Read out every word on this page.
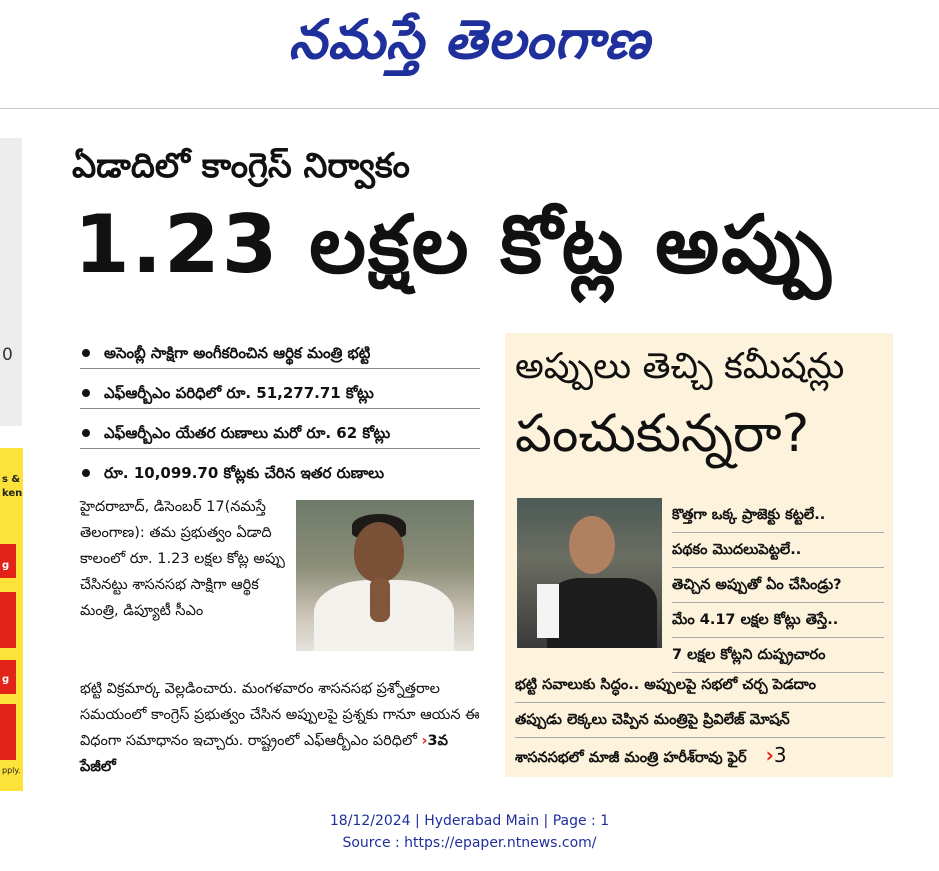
నమస్తే తెలంగాణ
0
s &
ken
g
g
pply.
ఏడాదిలో కాంగ్రెస్ నిర్వాకం
1.23 లక్షల కోట్ల అప్పు
అసెంబ్లీ సాక్షిగా అంగీకరించిన ఆర్థిక మంత్రి భట్టి
ఎఫ్ఆర్బీఎం పరిధిలో రూ. 51,277.71 కోట్లు
ఎఫ్ఆర్బీఎం యేతర రుణాలు మరో రూ. 62 కోట్లు
రూ. 10,099.70 కోట్లకు చేరిన ఇతర రుణాలు
హైదరాబాద్, డిసెంబర్ 17(నమస్తే తెలంగాణ): తమ ప్రభుత్వం ఏడాది కాలంలో రూ. 1.23 లక్షల కోట్ల అప్పు చేసినట్టు శాసనసభ సాక్షిగా ఆర్థిక మంత్రి, డిప్యూటీ సీఎం
భట్టి విక్రమార్క వెల్లడించారు. మంగళవారం శాసనసభ ప్రశ్నోత్తరాల సమయంలో కాంగ్రెస్ ప్రభుత్వం చేసిన అప్పులపై ప్రశ్నకు గానూ ఆయన ఈ విధంగా సమాధానం ఇచ్చారు. రాష్ట్రంలో ఎఫ్ఆర్బీఎం పరిధిలో ›3వ పేజీలో
అప్పులు తెచ్చి కమీషన్లు
పంచుకున్నరా?
కొత్తగా ఒక్క ప్రాజెక్టు కట్టలే..
పథకం మొదలుపెట్టలే..
తెచ్చిన అప్పుతో ఏం చేసిండ్రు?
మేం 4.17 లక్షల కోట్లు తెస్తే..
7 లక్షల కోట్లని దుష్ప్రచారం
భట్టి సవాలుకు సిద్ధం.. అప్పులపై సభలో చర్చ పెడదాం
తప్పుడు లెక్కలు చెప్పిన మంత్రిపై ప్రివిలేజ్ మోషన్
శాసనసభలో మాజీ మంత్రి హరీశ్‌రావు ఫైర్ ›3
18/12/2024 | Hyderabad Main | Page : 1
Source : https://epaper.ntnews.com/
